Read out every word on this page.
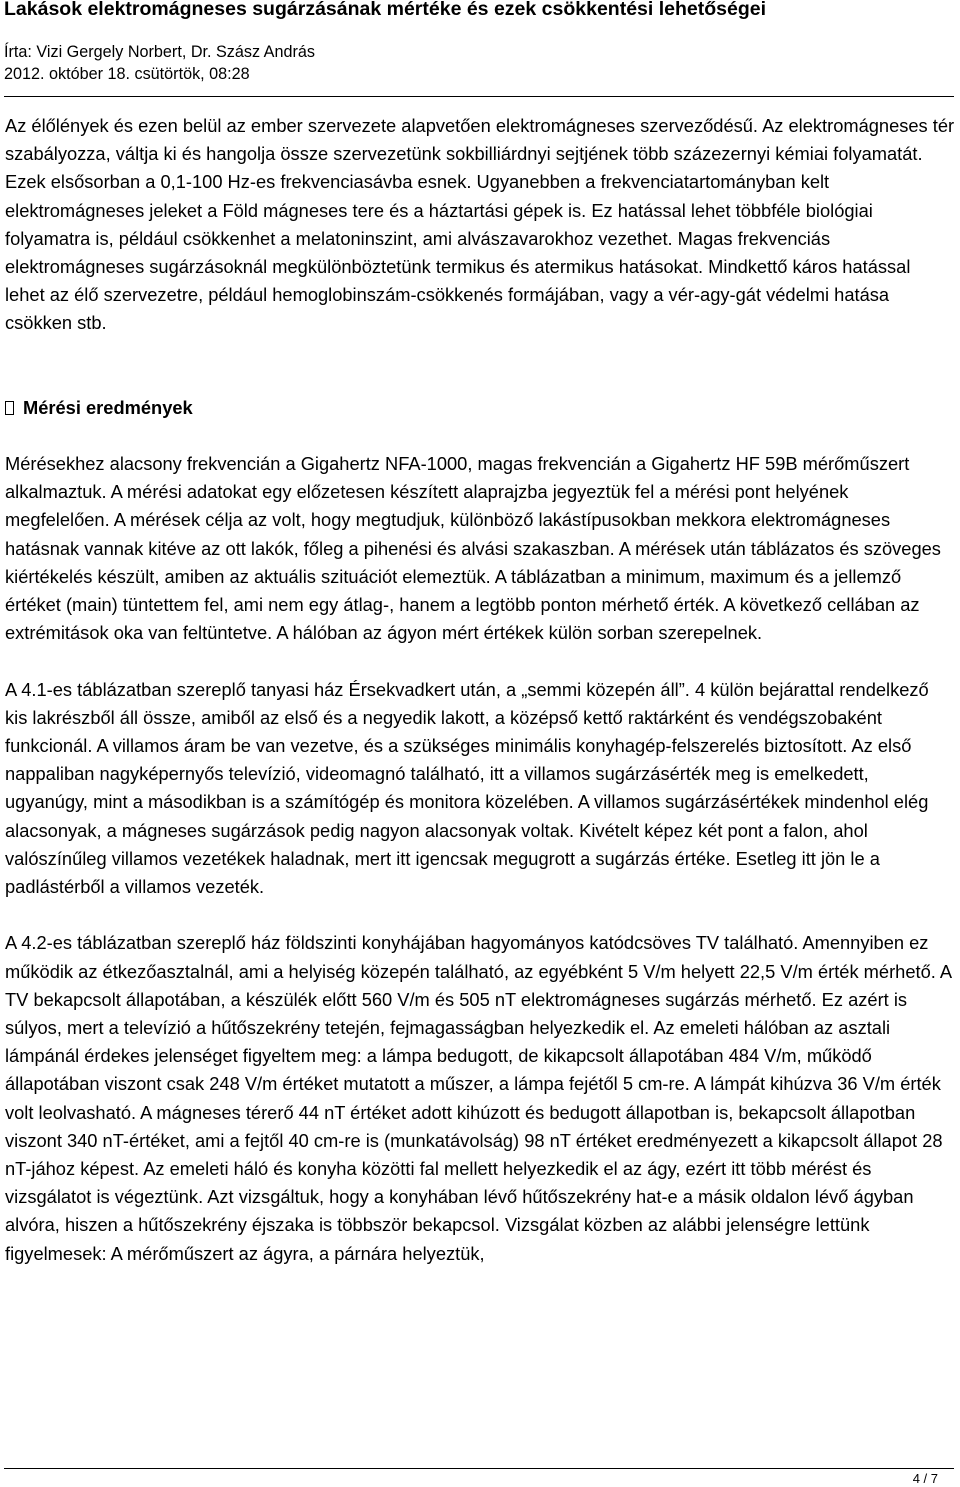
Lakások elektromágneses sugárzásának mértéke és ezek csökkentési lehetőségei
Írta: Vizi Gergely Norbert, Dr. Szász András
2012. október 18. csütörtök, 08:28

Az élőlények és ezen belül az ember szervezete alapvetően elektromágneses szerveződésű. Az elektromágneses tér szabályozza, váltja ki és hangolja össze szervezetünk sokbilliárdnyi sejtjének több százezernyi kémiai folyamatát. Ezek elsősorban a 0,1-100 Hz-es frekvenciasávba esnek. Ugyanebben a frekvenciatartományban kelt elektromágneses jeleket a Föld mágneses tere és a háztartási gépek is. Ez hatással lehet többféle biológiai folyamatra is, például csökkenhet a melatoninszint, ami alvászavarokhoz vezethet. Magas frekvenciás elektromágneses sugárzásoknál megkülönböztetünk termikus és atermikus hatásokat. Mindkettő káros hatással lehet az élő szervezetre, például hemoglobinszám-csökkenés formájában, vagy a vér-agy-gát védelmi hatása csökken stb.

Mérési eredmények

Mérésekhez alacsony frekvencián a Gigahertz NFA-1000, magas frekvencián a Gigahertz HF 59B mérőműszert alkalmaztuk. A mérési adatokat egy előzetesen készített alaprajzba jegyeztük fel a mérési pont helyének megfelelően. A mérések célja az volt, hogy megtudjuk, különböző lakástípusokban mekkora elektromágneses hatásnak vannak kitéve az ott lakók, főleg a pihenési és alvási szakaszban. A mérések után táblázatos és szöveges kiértékelés készült, amiben az aktuális szituációt elemeztük. A táblázatban a minimum, maximum és a jellemző értéket (main) tüntettem fel, ami nem egy átlag-, hanem a legtöbb ponton mérhető érték. A következő cellában az extrémitások oka van feltüntetve. A hálóban az ágyon mért értékek külön sorban szerepelnek.

A 4.1-es táblázatban szereplő tanyasi ház Érsekvadkert után, a „semmi közepén áll”. 4 külön bejárattal rendelkező kis lakrészből áll össze, amiből az első és a negyedik lakott, a középső kettő raktárként és vendégszobaként funkcionál. A villamos áram be van vezetve, és a szükséges minimális konyhagép-felszerelés biztosított. Az első nappaliban nagyképernyős televízió, videomagnó található, itt a villamos sugárzásérték meg is emelkedett, ugyanúgy, mint a másodikban is a számítógép és monitora közelében. A villamos sugárzásértékek mindenhol elég alacsonyak, a mágneses sugárzások pedig nagyon alacsonyak voltak. Kivételt képez két pont a falon, ahol valószínűleg villamos vezetékek haladnak, mert itt igencsak megugrott a sugárzás értéke. Esetleg itt jön le a padlástérből a villamos vezeték.

A 4.2-es táblázatban szereplő ház földszinti konyhájában hagyományos katódcsöves TV található. Amennyiben ez működik az étkezőasztalnál, ami a helyiség közepén található, az egyébként 5 V/m helyett 22,5 V/m érték mérhető. A TV bekapcsolt állapotában, a készülék előtt 560 V/m és 505 nT elektromágneses sugárzás mérhető. Ez azért is súlyos, mert a televízió a hűtőszekrény tetején, fejmagasságban helyezkedik el. Az emeleti hálóban az asztali lámpánál érdekes jelenséget figyeltem meg: a lámpa bedugott, de kikapcsolt állapotában 484 V/m, működő állapotában viszont csak 248 V/m értéket mutatott a műszer, a lámpa fejétől 5 cm-re. A lámpát kihúzva 36 V/m érték volt leolvasható. A mágneses térerő 44 nT értéket adott kihúzott és bedugott állapotban is, bekapcsolt állapotban viszont 340 nT-értéket, ami a fejtől 40 cm-re is (munkatávolság) 98 nT értéket eredményezett a kikapcsolt állapot 28 nT-jához képest. Az emeleti háló és konyha közötti fal mellett helyezkedik el az ágy, ezért itt több mérést és vizsgálatot is végeztünk. Azt vizsgáltuk, hogy a konyhában lévő hűtőszekrény hat-e a másik oldalon lévő ágyban alvóra, hiszen a hűtőszekrény éjszaka is többször bekapcsol. Vizsgálat közben az alábbi jelenségre lettünk figyelmesek: A mérőműszert az ágyra, a párnára helyeztük,

4 / 7
